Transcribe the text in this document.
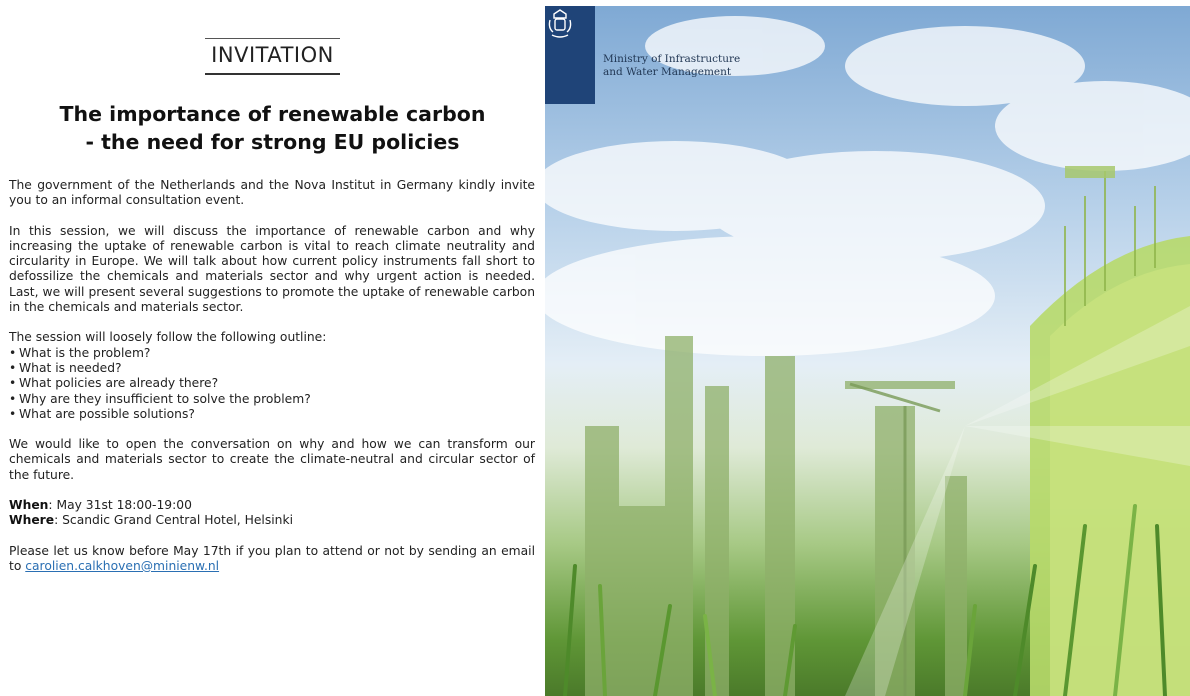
INVITATION
The importance of renewable carbon
- the need for strong EU policies

The government of the Netherlands and the Nova Institut in Germany kindly invite you to an informal consultation event.

In this session, we will discuss the importance of renewable carbon and why increasing the uptake of renewable carbon is vital to reach climate neutrality and circularity in Europe. We will talk about how current policy instruments fall short to defossilize the chemicals and materials sector and why urgent action is needed. Last, we will present several suggestions to promote the uptake of renewable carbon in the chemicals and materials sector.

The session will loosely follow the following outline:
• What is the problem?
• What is needed?
• What policies are already there?
• Why are they insufficient to solve the problem?
• What are possible solutions?

We would like to open the conversation on why and how we can transform our chemicals and materials sector to create the climate-neutral and circular sector of the future.

When: May 31st 18:00-19:00
Where: Scandic Grand Central Hotel, Helsinki

Please let us know before May 17th if you plan to attend or not by sending an email to carolien.calkhoven@minienw.nl

Ministry of Infrastructure
and Water Management
